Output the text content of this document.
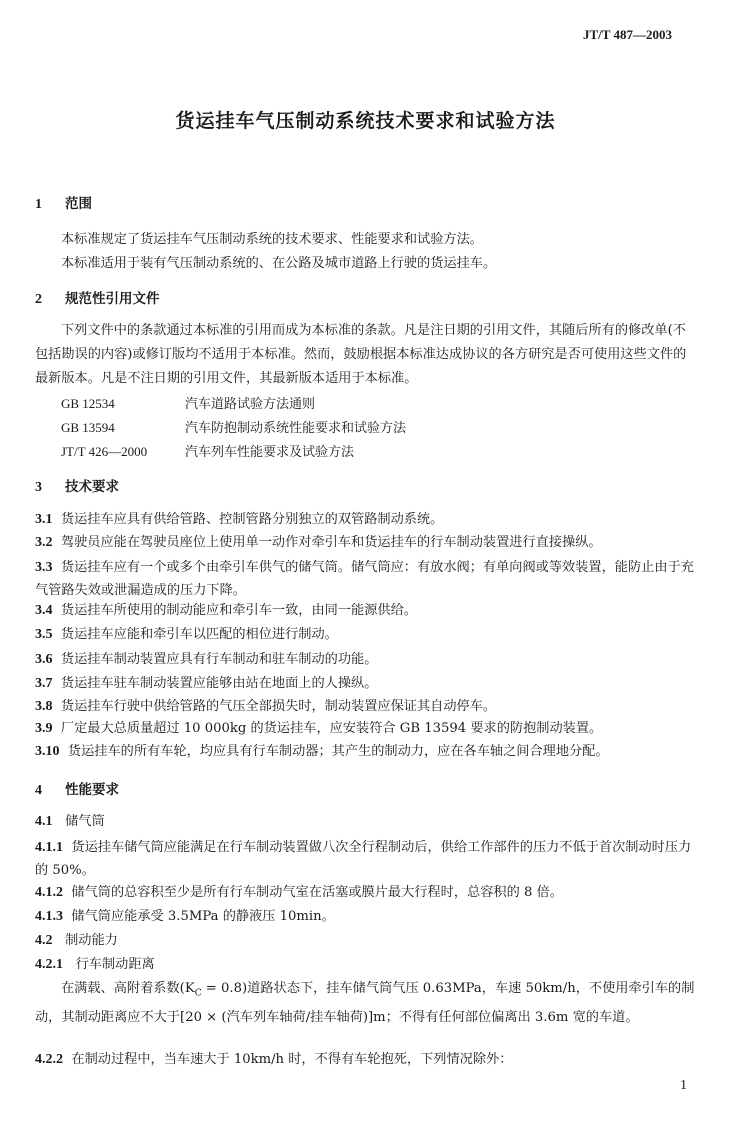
JT/T 487—2003
货运挂车气压制动系统技术要求和试验方法
1 范围
本标准规定了货运挂车气压制动系统的技术要求、性能要求和试验方法。
本标准适用于装有气压制动系统的、在公路及城市道路上行驶的货运挂车。
2 规范性引用文件
下列文件中的条款通过本标准的引用而成为本标准的条款。凡是注日期的引用文件，其随后所有的修改单(不包括勘误的内容)或修订版均不适用于本标准。然而，鼓励根据本标准达成协议的各方研究是否可使用这些文件的最新版本。凡是不注日期的引用文件，其最新版本适用于本标准。
GB 12534	汽车道路试验方法通则
GB 13594	汽车防抱制动系统性能要求和试验方法
JT/T 426—2000	汽车列车性能要求及试验方法
3 技术要求
3.1 货运挂车应具有供给管路、控制管路分别独立的双管路制动系统。
3.2 驾驶员应能在驾驶员座位上使用单一动作对牵引车和货运挂车的行车制动装置进行直接操纵。
3.3 货运挂车应有一个或多个由牵引车供气的储气筒。储气筒应：有放水阀；有单向阀或等效装置，能防止由于充气管路失效或泄漏造成的压力下降。
3.4 货运挂车所使用的制动能应和牵引车一致，由同一能源供给。
3.5 货运挂车应能和牵引车以匹配的相位进行制动。
3.6 货运挂车制动装置应具有行车制动和驻车制动的功能。
3.7 货运挂车驻车制动装置应能够由站在地面上的人操纵。
3.8 货运挂车行驶中供给管路的气压全部损失时，制动装置应保证其自动停车。
3.9 厂定最大总质量超过 10 000kg 的货运挂车，应安装符合 GB 13594 要求的防抱制动装置。
3.10 货运挂车的所有车轮，均应具有行车制动器；其产生的制动力，应在各车轴之间合理地分配。
4 性能要求
4.1 储气筒
4.1.1 货运挂车储气筒应能满足在行车制动装置做八次全行程制动后，供给工作部件的压力不低于首次制动时压力的 50%。
4.1.2 储气筒的总容积至少是所有行车制动气室在活塞或膜片最大行程时，总容积的 8 倍。
4.1.3 储气筒应能承受 3.5MPa 的静液压 10min。
4.2 制动能力
4.2.1 行车制动距离
在满载、高附着系数$(K_C = 0.8)$道路状态下，挂车储气筒气压 0.63MPa，车速 50km/h，不使用牵引车的制动，其制动距离应不大于[20 × (汽车列车轴荷/挂车轴荷)]m；不得有任何部位偏离出 3.6m 宽的车道。
4.2.2 在制动过程中，当车速大于 10km/h 时，不得有车轮抱死，下列情况除外：
1
